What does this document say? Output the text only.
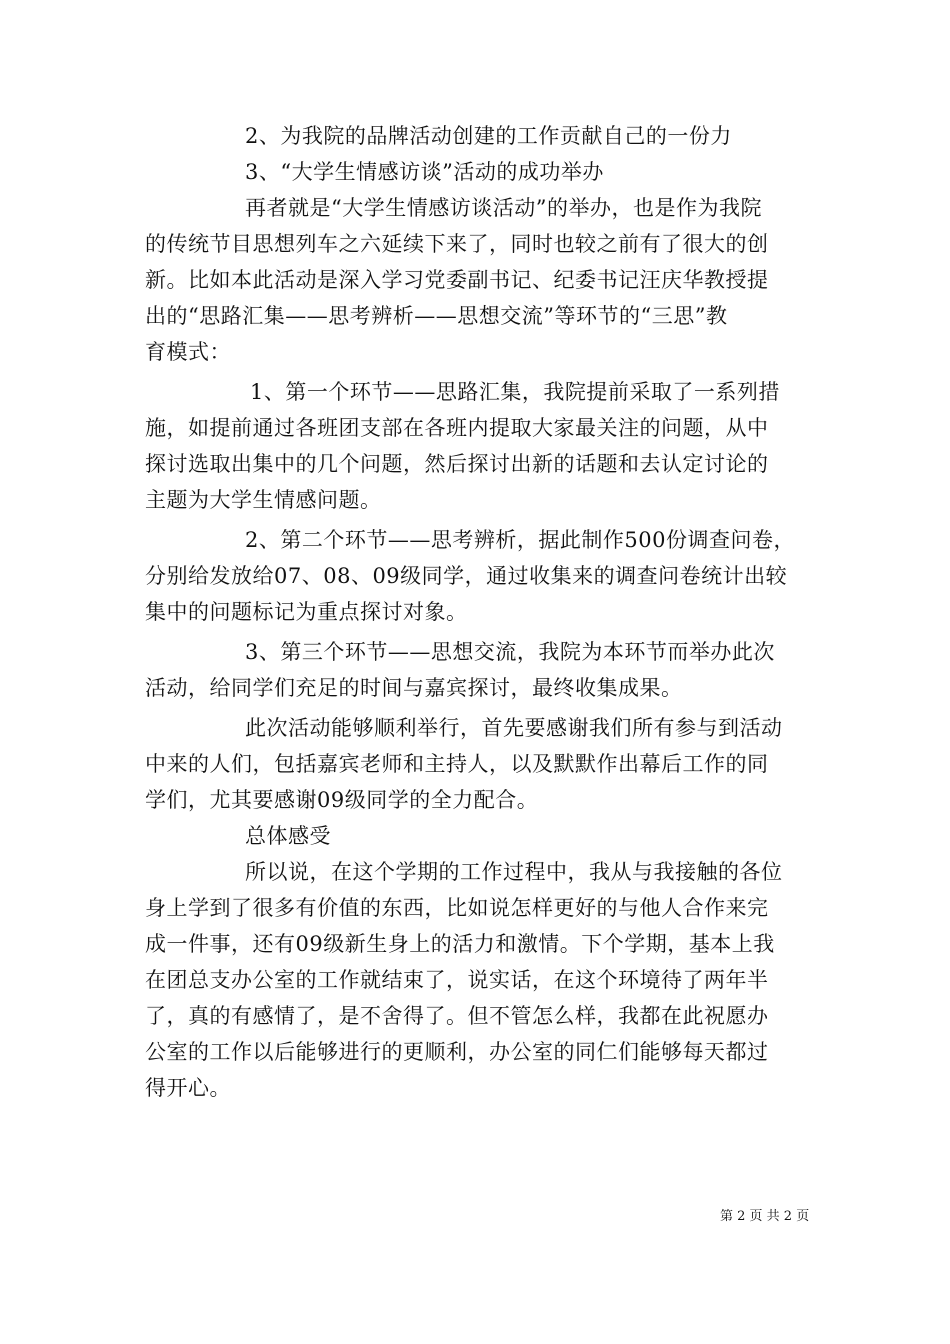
2、为我院的品牌活动创建的工作贡献自己的一份力
3、“大学生情感访谈”活动的成功举办
再者就是“大学生情感访谈活动”的举办，也是作为我院
的传统节目思想列车之六延续下来了，同时也较之前有了很大的创
新。比如本此活动是深入学习党委副书记、纪委书记汪庆华教授提
出的“思路汇集——思考辨析——思想交流”等环节的“三思”教
育模式：
1、第一个环节——思路汇集，我院提前采取了一系列措
施，如提前通过各班团支部在各班内提取大家最关注的问题，从中
探讨选取出集中的几个问题，然后探讨出新的话题和去认定讨论的
主题为大学生情感问题。
2、第二个环节——思考辨析，据此制作500份调查问卷，
分别给发放给07、08、09级同学，通过收集来的调查问卷统计出较
集中的问题标记为重点探讨对象。
3、第三个环节——思想交流，我院为本环节而举办此次
活动，给同学们充足的时间与嘉宾探讨，最终收集成果。
此次活动能够顺利举行，首先要感谢我们所有参与到活动
中来的人们，包括嘉宾老师和主持人，以及默默作出幕后工作的同
学们，尤其要感谢09级同学的全力配合。
总体感受
所以说，在这个学期的工作过程中，我从与我接触的各位
身上学到了很多有价值的东西，比如说怎样更好的与他人合作来完
成一件事，还有09级新生身上的活力和激情。下个学期，基本上我
在团总支办公室的工作就结束了，说实话，在这个环境待了两年半
了，真的有感情了，是不舍得了。但不管怎么样，我都在此祝愿办
公室的工作以后能够进行的更顺利，办公室的同仁们能够每天都过
得开心。
第 2 页 共 2 页
